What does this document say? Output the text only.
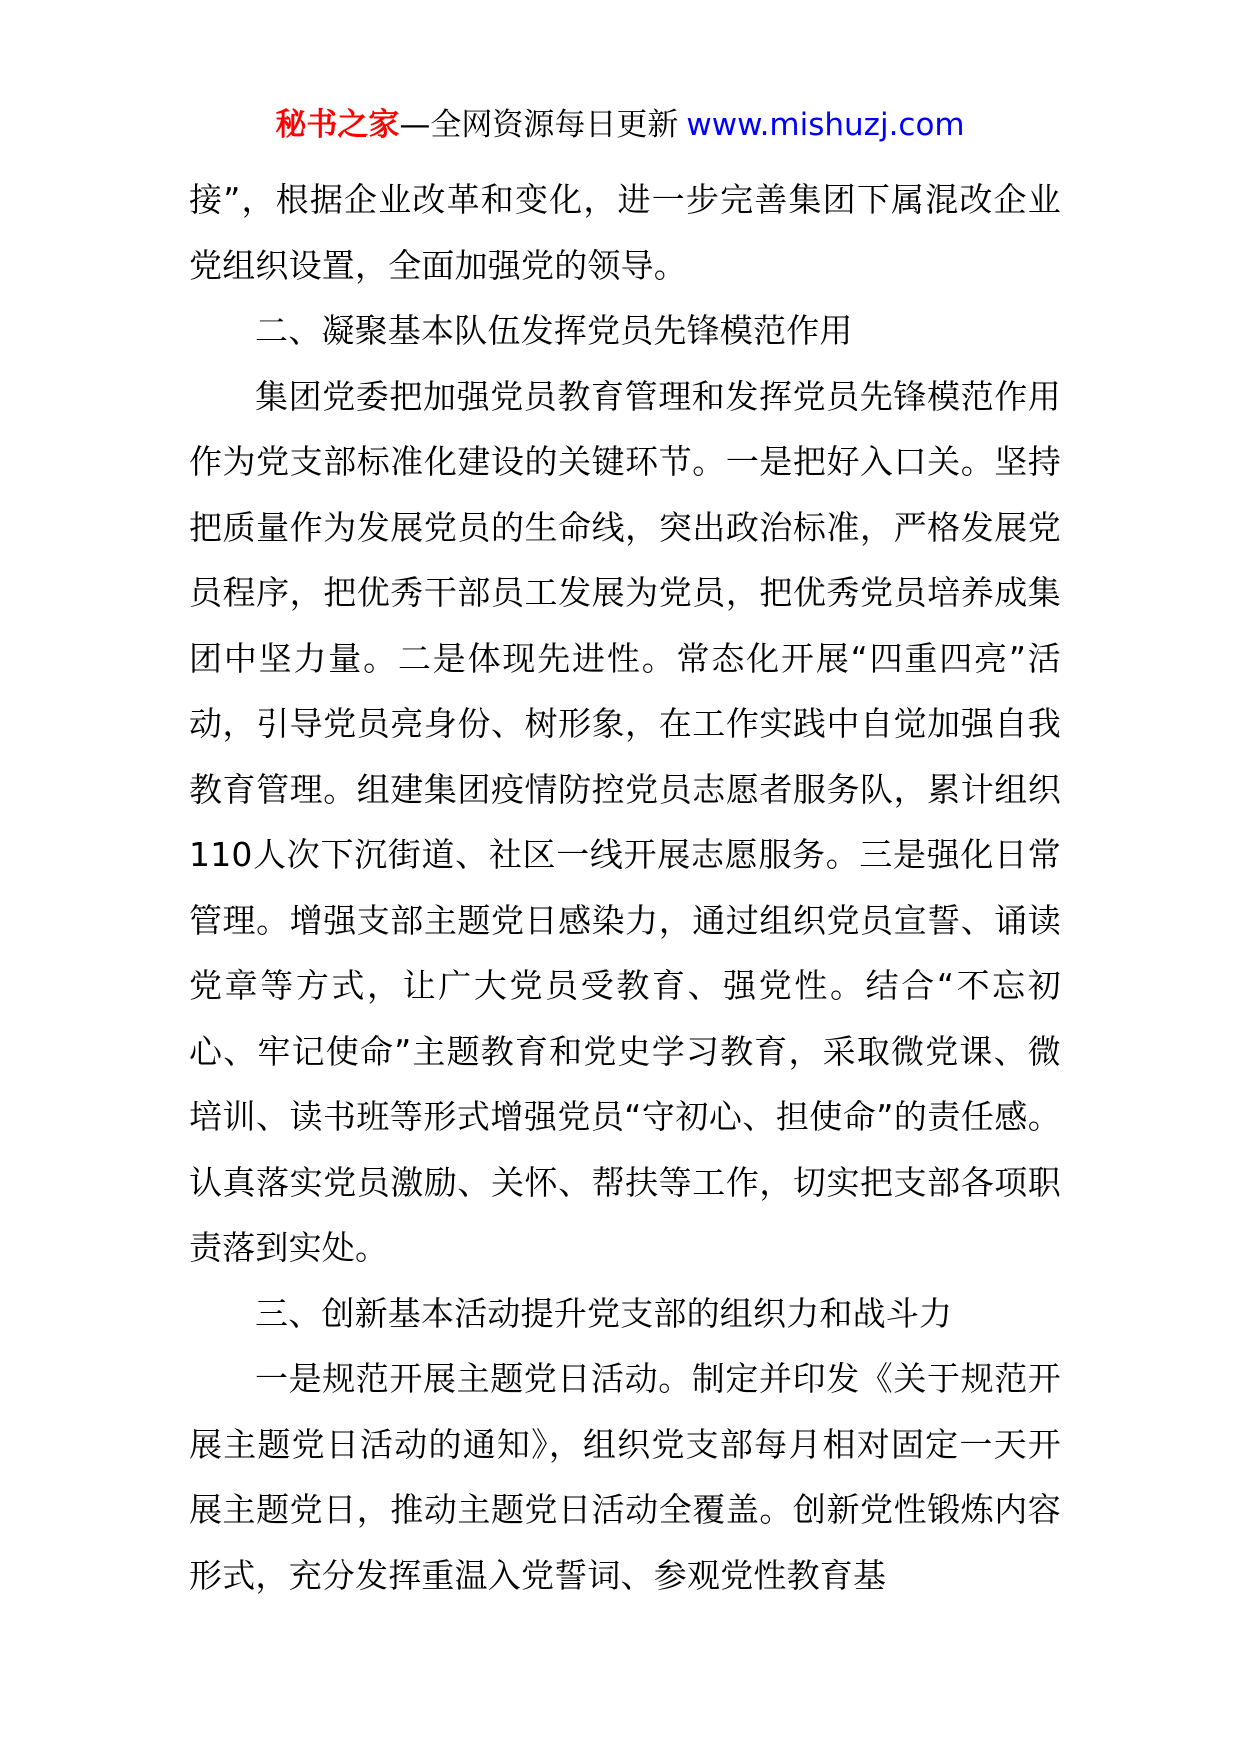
秘书之家—全网资源每日更新 www.mishuzj.com

接”，根据企业改革和变化，进一步完善集团下属混改企业党组织设置，全面加强党的领导。

二、凝聚基本队伍发挥党员先锋模范作用

集团党委把加强党员教育管理和发挥党员先锋模范作用作为党支部标准化建设的关键环节。一是把好入口关。坚持把质量作为发展党员的生命线，突出政治标准，严格发展党员程序，把优秀干部员工发展为党员，把优秀党员培养成集团中坚力量。二是体现先进性。常态化开展“四重四亮”活动，引导党员亮身份、树形象，在工作实践中自觉加强自我教育管理。组建集团疫情防控党员志愿者服务队，累计组织110人次下沉街道、社区一线开展志愿服务。三是强化日常管理。增强支部主题党日感染力，通过组织党员宣誓、诵读党章等方式，让广大党员受教育、强党性。结合“不忘初心、牢记使命”主题教育和党史学习教育，采取微党课、微培训、读书班等形式增强党员“守初心、担使命”的责任感。认真落实党员激励、关怀、帮扶等工作，切实把支部各项职责落到实处。

三、创新基本活动提升党支部的组织力和战斗力

一是规范开展主题党日活动。制定并印发《关于规范开展主题党日活动的通知》，组织党支部每月相对固定一天开展主题党日，推动主题党日活动全覆盖。创新党性锻炼内容形式，充分发挥重温入党誓词、参观党性教育基
